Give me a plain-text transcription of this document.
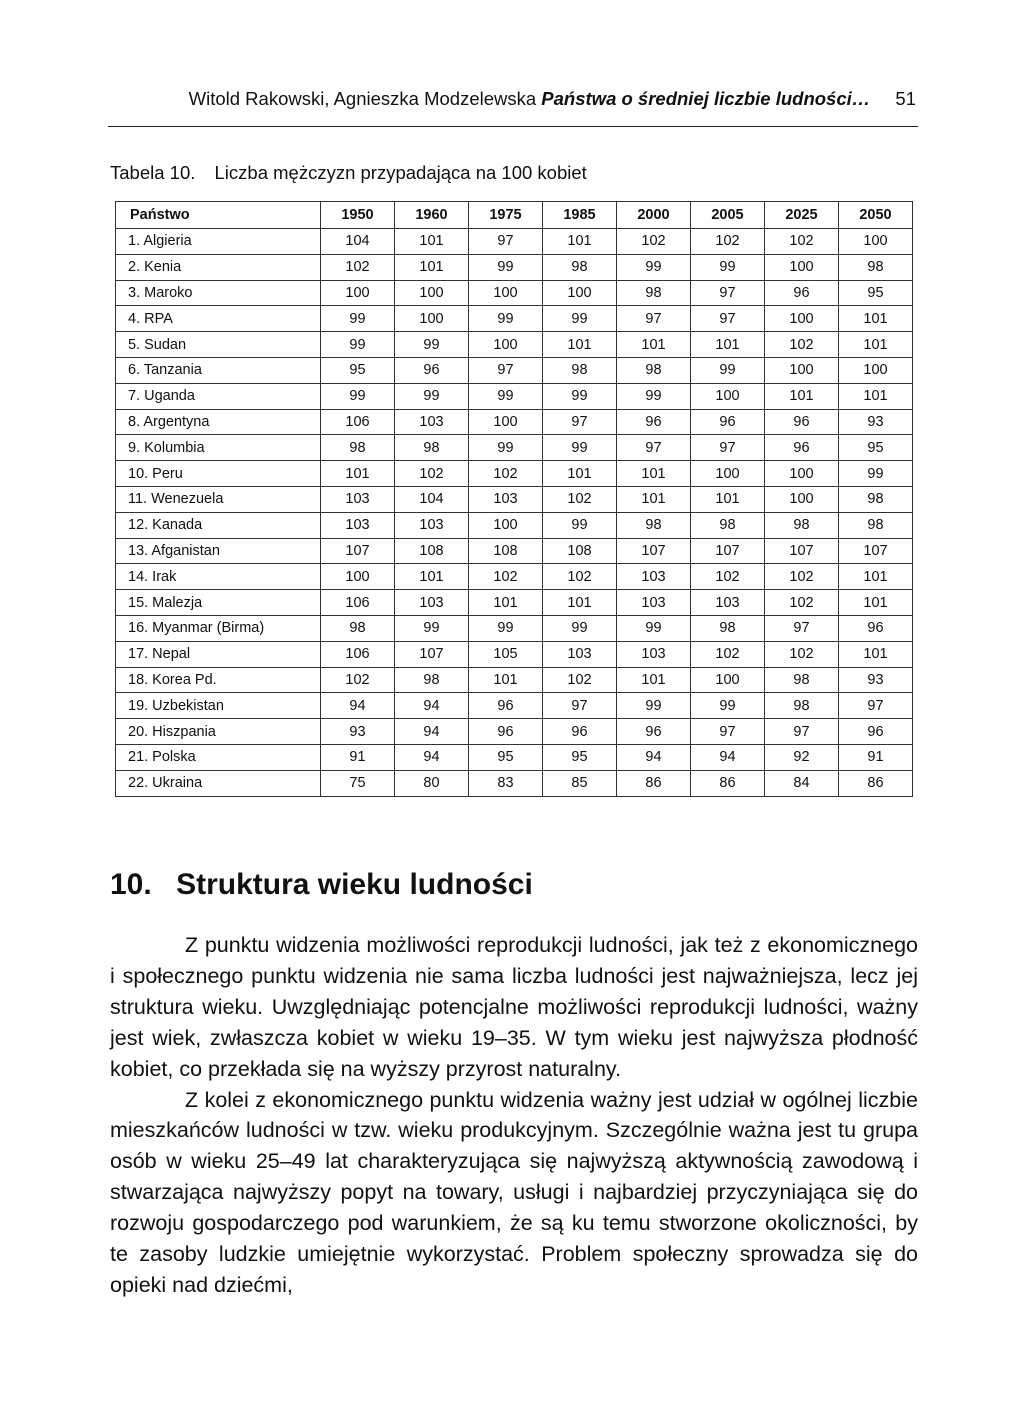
Witold Rakowski, Agnieszka Modzelewska Państwa o średniej liczbie ludności… 51
Tabela 10. Liczba mężczyzn przypadająca na 100 kobiet
Państwo	1950	1960	1975	1985	2000	2005	2025	2050
1. Algieria	104	101	97	101	102	102	102	100
2. Kenia	102	101	99	98	99	99	100	98
3. Maroko	100	100	100	100	98	97	96	95
4. RPA	99	100	99	99	97	97	100	101
5. Sudan	99	99	100	101	101	101	102	101
6. Tanzania	95	96	97	98	98	99	100	100
7. Uganda	99	99	99	99	99	100	101	101
8. Argentyna	106	103	100	97	96	96	96	93
9. Kolumbia	98	98	99	99	97	97	96	95
10. Peru	101	102	102	101	101	100	100	99
11. Wenezuela	103	104	103	102	101	101	100	98
12. Kanada	103	103	100	99	98	98	98	98
13. Afganistan	107	108	108	108	107	107	107	107
14. Irak	100	101	102	102	103	102	102	101
15. Malezja	106	103	101	101	103	103	102	101
16. Myanmar (Birma)	98	99	99	99	99	98	97	96
17. Nepal	106	107	105	103	103	102	102	101
18. Korea Pd.	102	98	101	102	101	100	98	93
19. Uzbekistan	94	94	96	97	99	99	98	97
20. Hiszpania	93	94	96	96	96	97	97	96
21. Polska	91	94	95	95	94	94	92	91
22. Ukraina	75	80	83	85	86	86	84	86
10. Struktura wieku ludności

Z punktu widzenia możliwości reprodukcji ludności, jak też z ekonomicznego i społecznego punktu widzenia nie sama liczba ludności jest najważniejsza, lecz jej struktura wieku. Uwzględniając potencjalne możliwości reprodukcji ludności, ważny jest wiek, zwłaszcza kobiet w wieku 19–35. W tym wieku jest najwyższa płodność kobiet, co przekłada się na wyższy przyrost naturalny.

Z kolei z ekonomicznego punktu widzenia ważny jest udział w ogólnej liczbie mieszkańców ludności w tzw. wieku produkcyjnym. Szczególnie ważna jest tu grupa osób w wieku 25–49 lat charakteryzująca się najwyższą aktywnością zawodową i stwarzająca najwyższy popyt na towary, usługi i najbardziej przyczyniająca się do rozwoju gospodarczego pod warunkiem, że są ku temu stworzone okoliczności, by te zasoby ludzkie umiejętnie wykorzystać. Problem społeczny sprowadza się do opieki nad dziećmi,
